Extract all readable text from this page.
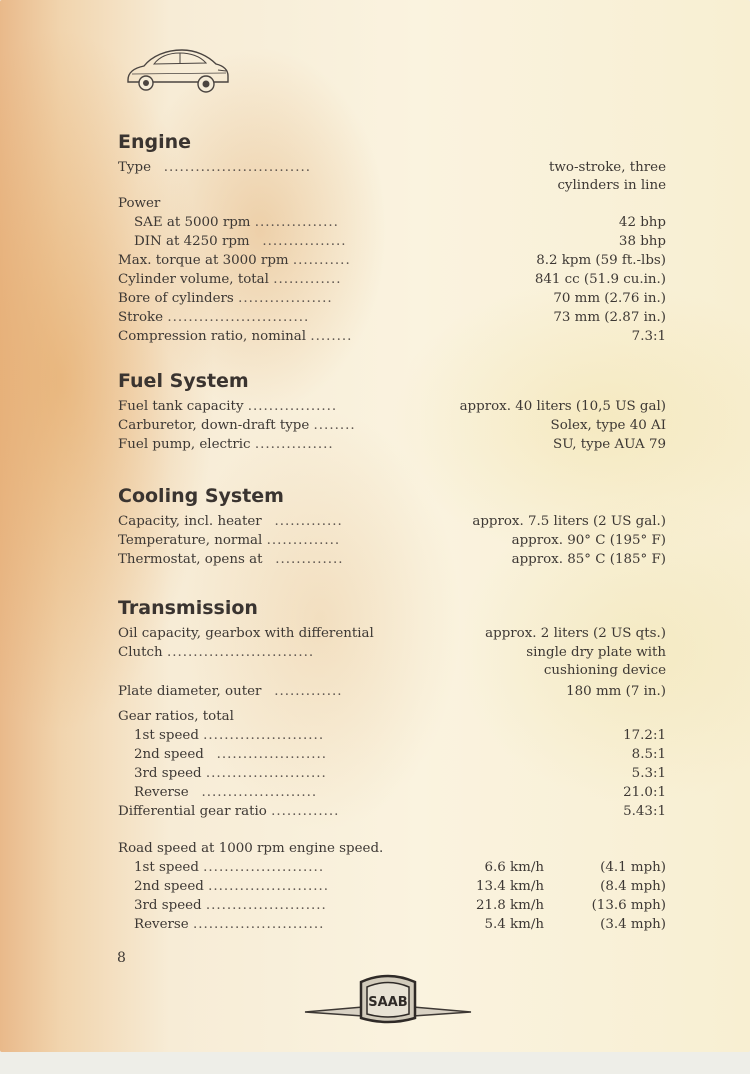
Engine
Type ............................	two-stroke, three
cylinders in line
Power
SAE at 5000 rpm ................	42 bhp
DIN at 4250 rpm ................	38 bhp
Max. torque at 3000 rpm ...........	8.2 kpm (59 ft.-lbs)
Cylinder volume, total .............	841 cc (51.9 cu.in.)
Bore of cylinders ..................	70 mm (2.76 in.)
Stroke ...........................	73 mm (2.87 in.)
Compression ratio, nominal ........	7.3:1
Fuel System
Fuel tank capacity .................	approx. 40 liters (10,5 US gal)
Carburetor, down-draft type ........	Solex, type 40 AI
Fuel pump, electric ...............	SU, type AUA 79
Cooling System
Capacity, incl. heater .............	approx. 7.5 liters (2 US gal.)
Temperature, normal ..............	approx. 90° C (195° F)
Thermostat, opens at .............	approx. 85° C (185° F)
Transmission
Oil capacity, gearbox with differential	approx. 2 liters (2 US qts.)
Clutch ............................	single dry plate with
cushioning device
Plate diameter, outer .............	180 mm (7 in.)
Gear ratios, total
1st speed .......................	17.2:1
2nd speed .....................	8.5:1
3rd speed .......................	5.3:1
Reverse ......................	21.0:1
Differential gear ratio .............	5.43:1
Road speed at 1000 rpm engine speed.
1st speed .......................	6.6 km/h	(4.1 mph)
2nd speed .......................	13.4 km/h	(8.4 mph)
3rd speed .......................	21.8 km/h	(13.6 mph)
Reverse .........................	5.4 km/h	(3.4 mph)
8
SAAB
